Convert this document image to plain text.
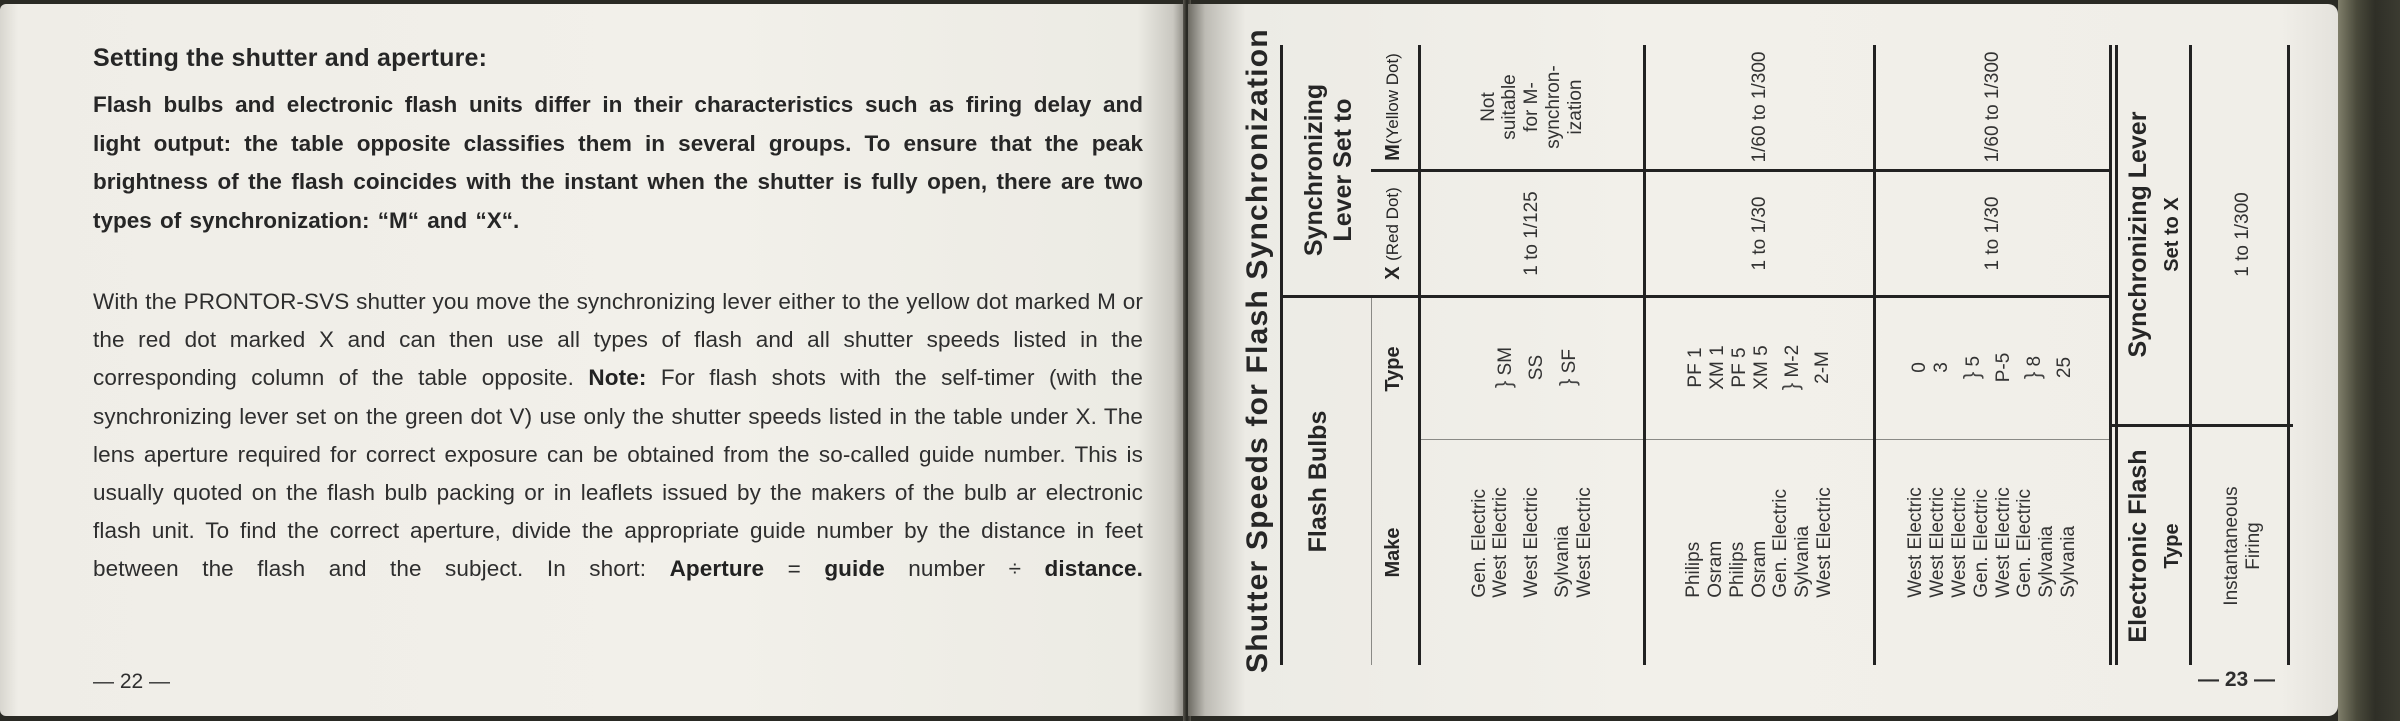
Setting the shutter and aperture:
Flash bulbs and electronic flash units differ in their characteristics such as firing delay and light output: the table opposite classifies them in several groups. To ensure that the peak brightness of the flash coincides with the instant when the shutter is fully open, there are two types of synchronization: “M“ and “X“.
With the PRONTOR-SVS shutter you move the synchronizing lever either to the yellow dot marked M or the red dot marked X and can then use all types of flash and all shutter speeds listed in the corresponding column of the table opposite. Note: For flash shots with the self-timer (with the synchronizing lever set on the green dot V) use only the shutter speeds listed in the table under X. The lens aperture required for correct exposure can be obtained from the so-called guide number. This is usually quoted on the flash bulb packing or in leaflets issued by the makers of the bulb ar electronic flash unit. To find the correct aperture, divide the appropriate guide number by the distance in feet between the flash and the subject. In short: Aperture = guide number ÷ distance.
— 22 —
Shutter Speeds for Flash Synchronization	Flash Bulbs
Make
Type
Synchronizing Lever Set to
X

(Red Dot)
M
(Yellow Dot)
Gen. Electric West Electric West Electric Sylvania West Electric
} SM SS
} SF
1 to 1/125
Not suitable for M-synchron-ization
Philips Osram Philips Osram Gen. Electric Sylvania West Electric
PF 1 XM 1 PF 5 XM 5 } M-2 2-M
1 to 1/30
1/60 to 1/300
West Electric West Electric West Electric Gen. Electric West Electric Gen. Electric Sylvania Sylvania
0 3
} 5 P-5 } 8 25
1 to 1/30
1/60 to 1/300
Electronic Flash Type
Synchronizing Lever Set to X
Instantaneous Firing
1 to 1/300
— 23 —
